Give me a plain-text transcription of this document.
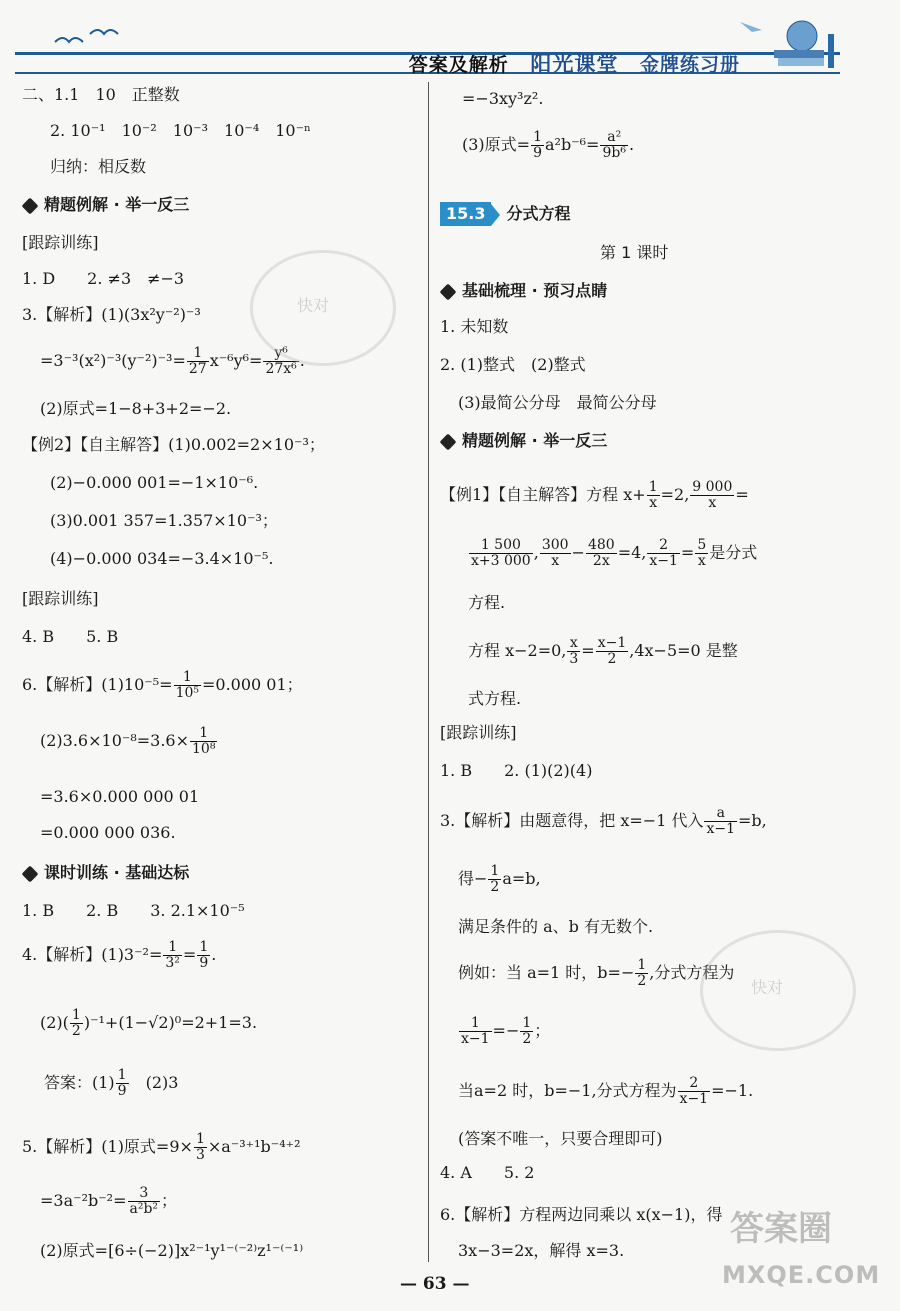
答案及解析 阳光课堂 金牌练习册
二、1.1　10　正整数
2. 10⁻¹　10⁻²　10⁻³　10⁻⁴　10⁻ⁿ
归纳：相反数
精题例解 · 举一反三
[跟踪训练]
1. D　　2. ≠3　≠−3
3.【解析】(1)(3x²y⁻²)⁻³
$=3^{-3}(x^2)^{-3}(y^{-2})^{-3}= \frac{1}{27} x^{-6}y^6= \frac{\text{y⁶}}{\text{27x⁶}}$ .
(2)原式=1−8+3+2=−2.
【例2】【自主解答】(1)0.002=2×10⁻³；
(2)−0.000 001=−1×10⁻⁶.
(3)0.001 357=1.357×10⁻³；
(4)−0.000 034=−3.4×10⁻⁵.
[跟踪训练]
4. B　　5. B
6.【解析】$(1)10^{-5}= \frac{1}{\text{10⁵}} =0.000$ 01；
$(2)3.6\times 10^{-8}=3.6\times \frac{1}{\text{10⁸}}$
=3.6×0.000 000 01
=0.000 000 036.
课时训练 · 基础达标
1. B　　2. B　　3. 2.1×10⁻⁵
4.【解析】$(1)3^{-2}= \frac{1}{\text{3²}} = \frac{1}{9}$ .
$(2)( \frac{1}{2} )^{-1}+(1-√2)^0=2+1=3$.
答案：$(1) \frac{1}{9}$ 　(2)3
5.【解析】(1)原式$=9\times \frac{1}{3} \times a^{-3+1}b^{-4+2}$
$=3a^{-2}b^{-2}= \frac{3}{\text{a²b²}}$ ；
(2)原式=[6÷(−2)]x²⁻¹y¹⁻⁽⁻²⁾z¹⁻⁽⁻¹⁾
=−3xy³z².
(3)原式= $\frac{1}{9} a^2b^{-6}= \frac{\text{a²}}{\text{9b⁶}}$ .
15.3 分式方程
第 1 课时
基础梳理 · 预习点睛
1. 未知数
2. (1)整式　(2)整式
(3)最简公分母　最简公分母
精题例解 · 举一反三
【例1】【自主解答】方程 $x+ \frac{1}{x} =2$, $\frac{9 000}{x}$ =
$\frac{1 500}{x+3 000}$ , $\frac{300}{x} - \frac{480}{2x} =4$, $\frac{2}{x-1} = \frac{5}{x}$ 是分式
方程.
方程 x−2=0, $\frac{x}{3} = \frac{x-1}{2} ,4x-5=0$ 是整
式方程.
[跟踪训练]
1. B　　2. (1)(2)(4)
3.【解析】由题意得，把 x=−1 代入 $\frac{a}{x-1} =b$,
得− $\frac{1}{2} a=b$,
满足条件的 a、b 有无数个.
例如：当 a=1 时，$b=- \frac{1}{2}$ ,分式方程为
$\frac{1}{x-1} =- \frac{1}{2}$ ；
当a=2 时，b=−1,分式方程为 $\frac{2}{x-1} =-1$.
(答案不唯一，只要合理即可)
4. A　　5. 2
6.【解析】方程两边同乘以 x(x−1)，得
3x−3=2x，解得 x=3.
快对
快对
答案圈
MXQE.COM
— 63 —
